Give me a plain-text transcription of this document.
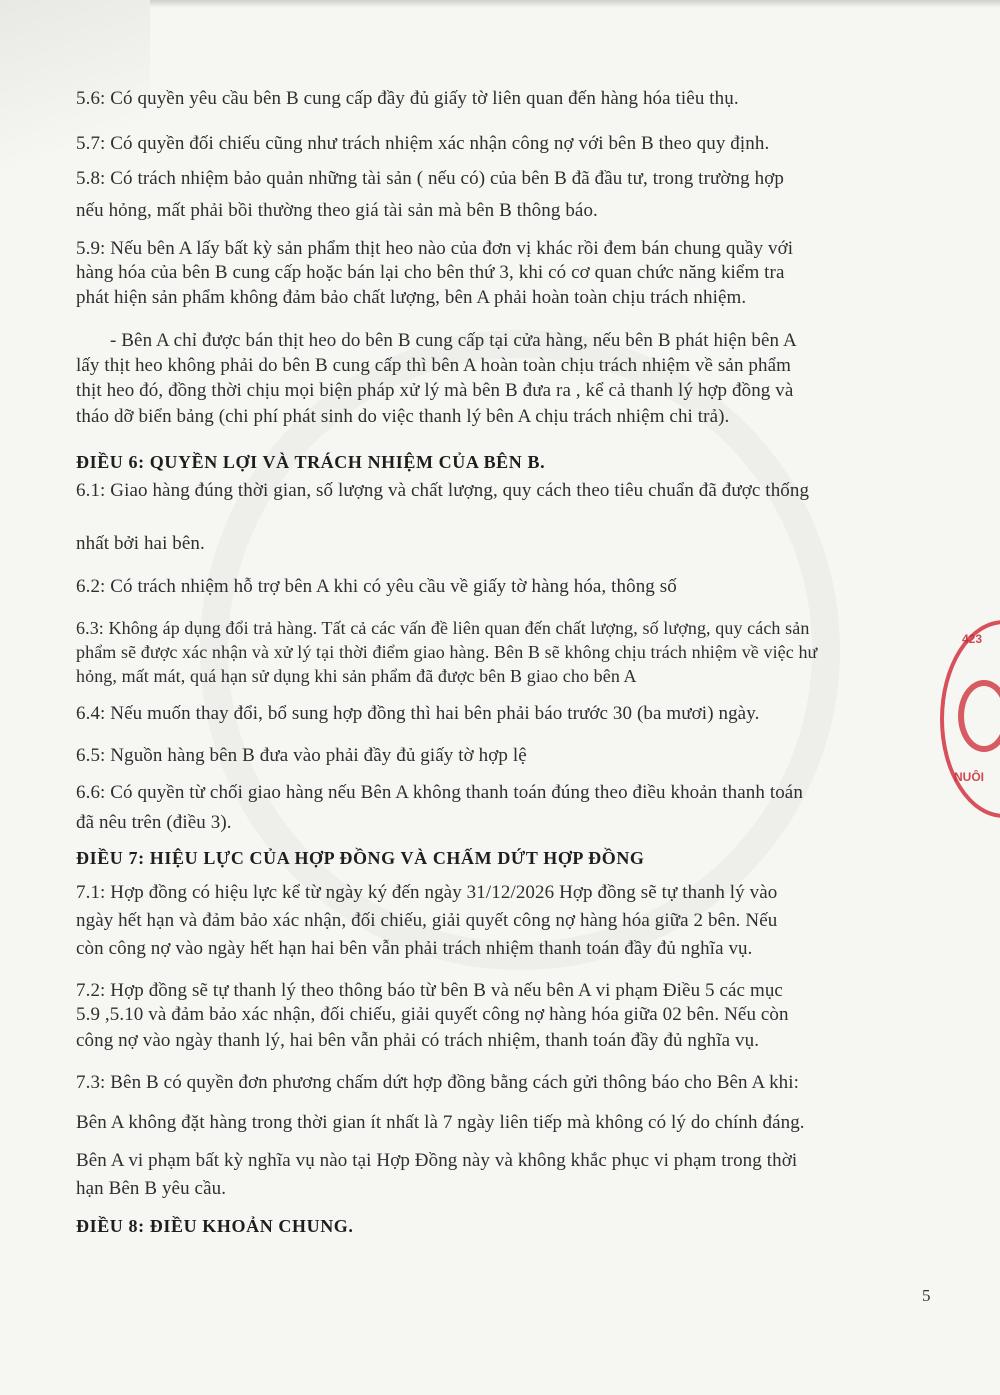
423
NUÔI
5.6: Có quyền yêu cầu bên B cung cấp đầy đủ giấy tờ liên quan đến hàng hóa tiêu thụ.
5.7: Có quyền đối chiếu cũng như trách nhiệm xác nhận công nợ với bên B theo quy định.
5.8: Có trách nhiệm bảo quản những tài sản ( nếu có) của bên B đã đầu tư, trong trường hợp
nếu hỏng, mất phải bồi thường theo giá tài sản mà bên B thông báo.
5.9: Nếu bên A lấy bất kỳ sản phẩm thịt heo nào của đơn vị khác rồi đem bán chung quầy với
hàng hóa của bên B cung cấp hoặc bán lại cho bên thứ 3, khi có cơ quan chức năng kiểm tra
phát hiện sản phẩm không đảm bảo chất lượng, bên A phải hoàn toàn chịu trách nhiệm.
- Bên A chỉ được bán thịt heo do bên B cung cấp tại cửa hàng, nếu bên B phát hiện bên A
lấy thịt heo không phải do bên B cung cấp thì bên A hoàn toàn chịu trách nhiệm về sản phẩm
thịt heo đó, đồng thời chịu mọi biện pháp xử lý mà bên B đưa ra , kể cả thanh lý hợp đồng và
tháo dỡ biển bảng (chi phí phát sinh do việc thanh lý bên A chịu trách nhiệm chi trả).
ĐIỀU 6: QUYỀN LỢI VÀ TRÁCH NHIỆM CỦA BÊN B.
6.1: Giao hàng đúng thời gian, số lượng và chất lượng, quy cách theo tiêu chuẩn đã được thống
nhất bởi hai bên.
6.2: Có trách nhiệm hỗ trợ bên A khi có yêu cầu về giấy tờ hàng hóa, thông số
6.3: Không áp dụng đổi trả hàng. Tất cả các vấn đề liên quan đến chất lượng, số lượng, quy cách sản
phẩm sẽ được xác nhận và xử lý tại thời điểm giao hàng. Bên B sẽ không chịu trách nhiệm về việc hư
hỏng, mất mát, quá hạn sử dụng khi sản phẩm đã được bên B giao cho bên A
6.4: Nếu muốn thay đổi, bổ sung hợp đồng thì hai bên phải báo trước 30 (ba mươi) ngày.
6.5: Nguồn hàng bên B đưa vào phải đầy đủ giấy tờ hợp lệ
6.6: Có quyền từ chối giao hàng nếu Bên A không thanh toán đúng theo điều khoản thanh toán
đã nêu trên (điều 3).
ĐIỀU 7: HIỆU LỰC CỦA HỢP ĐỒNG VÀ CHẤM DỨT HỢP ĐỒNG
7.1: Hợp đồng có hiệu lực kể từ ngày ký đến ngày 31/12/2026 Hợp đồng sẽ tự thanh lý vào
ngày hết hạn và đảm bảo xác nhận, đối chiếu, giải quyết công nợ hàng hóa giữa 2 bên. Nếu
còn công nợ vào ngày hết hạn hai bên vẫn phải trách nhiệm thanh toán đầy đủ nghĩa vụ.
7.2: Hợp đồng sẽ tự thanh lý theo thông báo từ bên B và nếu bên A vi phạm Điều 5 các mục
5.9 ,5.10 và đảm bảo xác nhận, đối chiếu, giải quyết công nợ hàng hóa giữa 02 bên. Nếu còn
công nợ vào ngày thanh lý, hai bên vẫn phải có trách nhiệm, thanh toán đầy đủ nghĩa vụ.
7.3: Bên B có quyền đơn phương chấm dứt hợp đồng bằng cách gửi thông báo cho Bên A khi:
Bên A không đặt hàng trong thời gian ít nhất là 7 ngày liên tiếp mà không có lý do chính đáng.
Bên A vi phạm bất kỳ nghĩa vụ nào tại Hợp Đồng này và không khắc phục vi phạm trong thời
hạn Bên B yêu cầu.
ĐIỀU 8: ĐIỀU KHOẢN CHUNG.
5
